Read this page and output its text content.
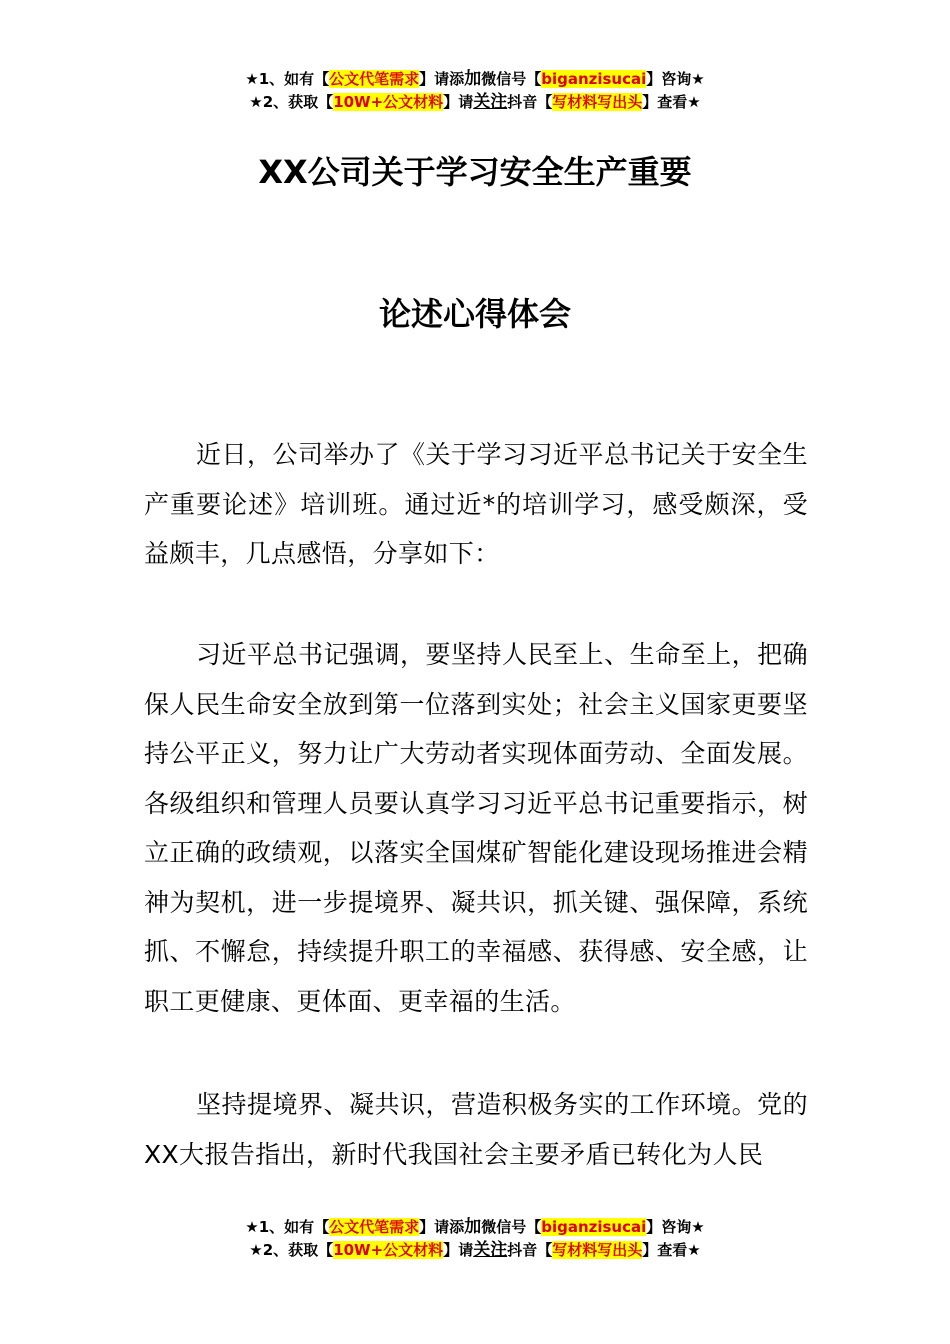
★1、如有【公文代笔需求】请添加微信号【biganzisucai】咨询★
★2、获取【10W+公文材料】请关注抖音【写材料写出头】查看★
XX公司关于学习安全生产重要
论述心得体会
近日，公司举办了《关于学习习近平总书记关于安全生产重要论述》培训班。通过近*的培训学习，感受颇深，受益颇丰，几点感悟，分享如下：
习近平总书记强调，要坚持人民至上、生命至上，把确保人民生命安全放到第一位落到实处；社会主义国家更要坚持公平正义，努力让广大劳动者实现体面劳动、全面发展。各级组织和管理人员要认真学习习近平总书记重要指示，树立正确的政绩观，以落实全国煤矿智能化建设现场推进会精神为契机，进一步提境界、凝共识，抓关键、强保障，系统抓、不懈怠，持续提升职工的幸福感、获得感、安全感，让职工更健康、更体面、更幸福的生活。
坚持提境界、凝共识，营造积极务实的工作环境。党的XX大报告指出，新时代我国社会主要矛盾已转化为人民
★1、如有【公文代笔需求】请添加微信号【biganzisucai】咨询★
★2、获取【10W+公文材料】请关注抖音【写材料写出头】查看★
